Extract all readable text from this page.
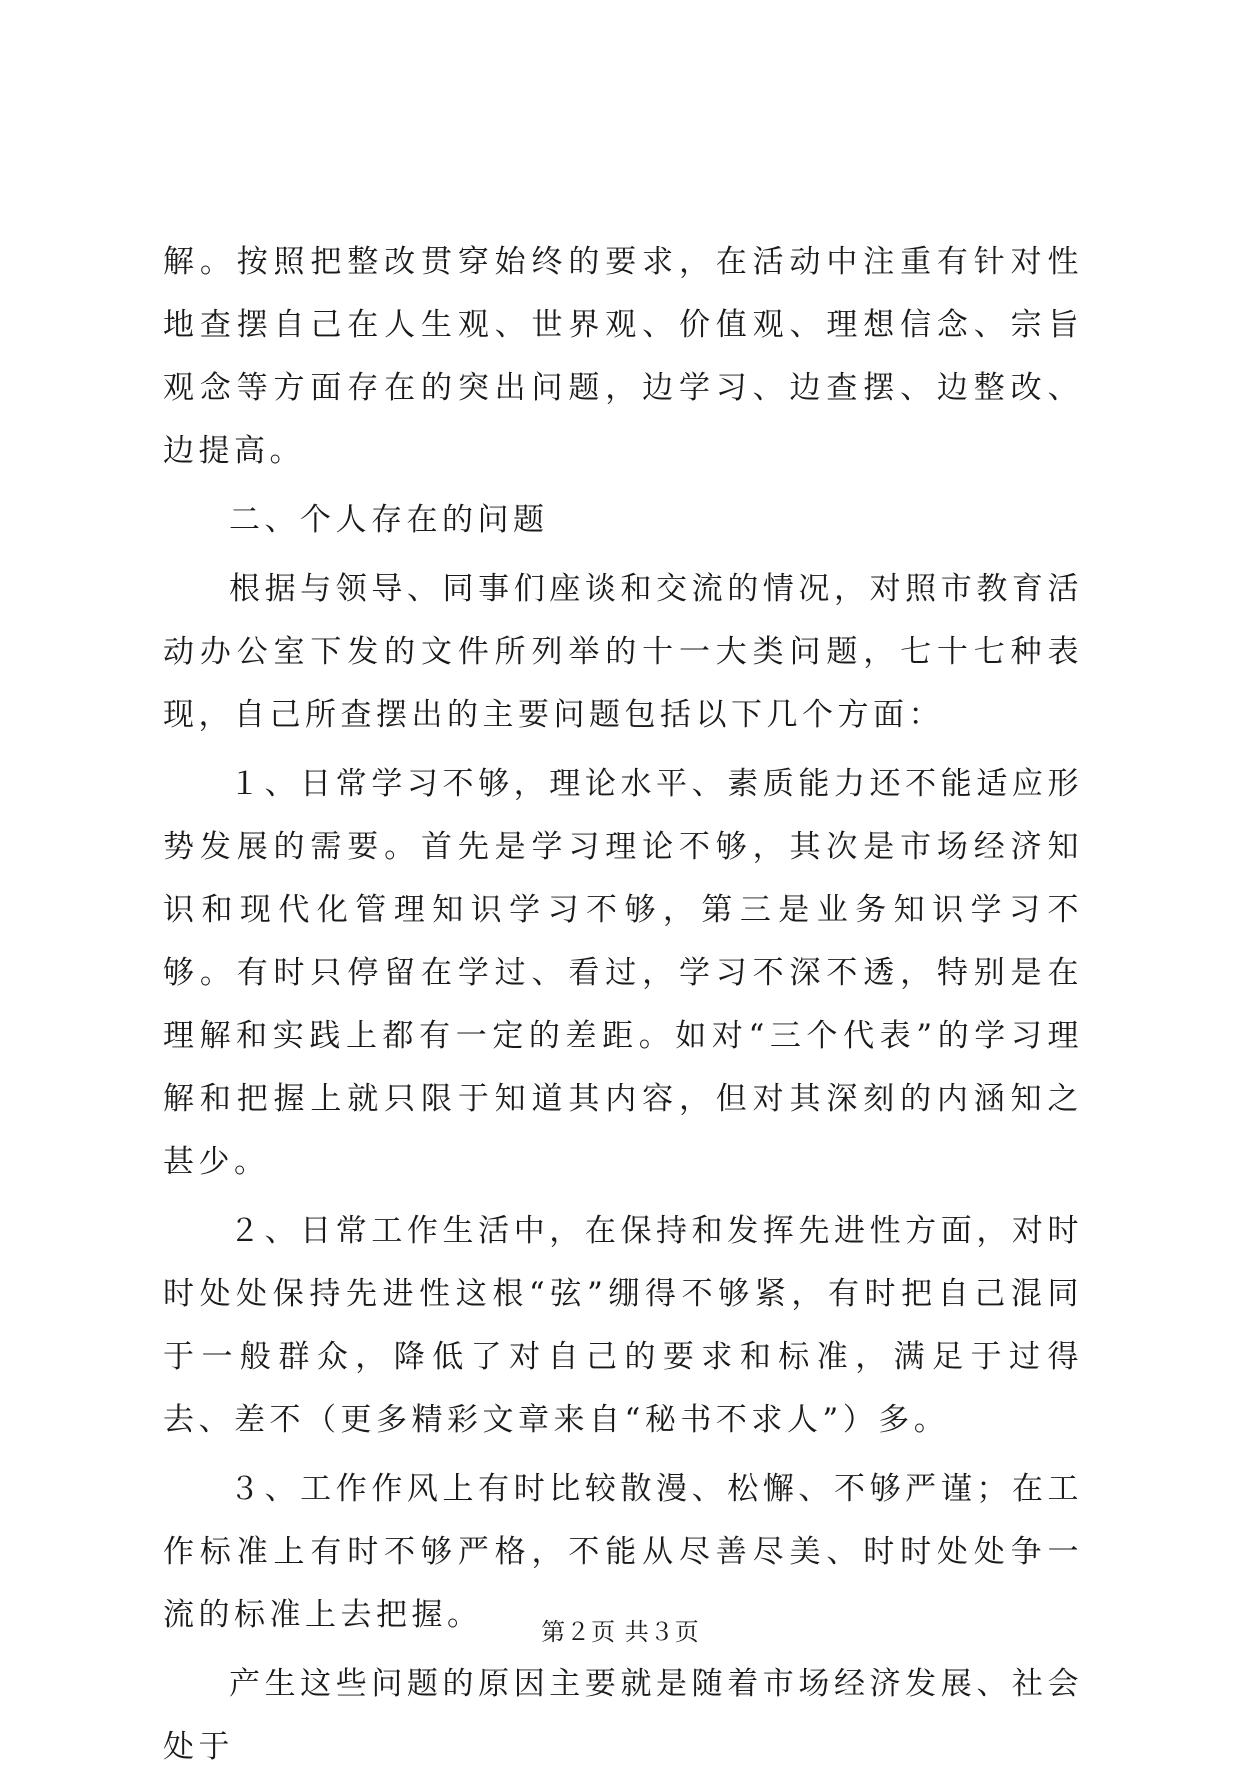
解。按照把整改贯穿始终的要求，在活动中注重有针对性地查摆自己在人生观、世界观、价值观、理想信念、宗旨观念等方面存在的突出问题，边学习、边查摆、边整改、边提高。

二、个人存在的问题

根据与领导、同事们座谈和交流的情况，对照市教育活动办公室下发的文件所列举的十一大类问题，七十七种表现，自己所查摆出的主要问题包括以下几个方面：

１、日常学习不够，理论水平、素质能力还不能适应形势发展的需要。首先是学习理论不够，其次是市场经济知识和现代化管理知识学习不够，第三是业务知识学习不够。有时只停留在学过、看过，学习不深不透，特别是在理解和实践上都有一定的差距。如对“三个代表”的学习理解和把握上就只限于知道其内容，但对其深刻的内涵知之甚少。

２、日常工作生活中，在保持和发挥先进性方面，对时时处处保持先进性这根“弦”绷得不够紧，有时把自己混同于一般群众，降低了对自己的要求和标准，满足于过得去、差不（更多精彩文章来自“秘书不求人”）多。

３、工作作风上有时比较散漫、松懈、不够严谨；在工作标准上有时不够严格，不能从尽善尽美、时时处处争一流的标准上去把握。

产生这些问题的原因主要就是随着市场经济发展、社会处于

第２页 共３页
